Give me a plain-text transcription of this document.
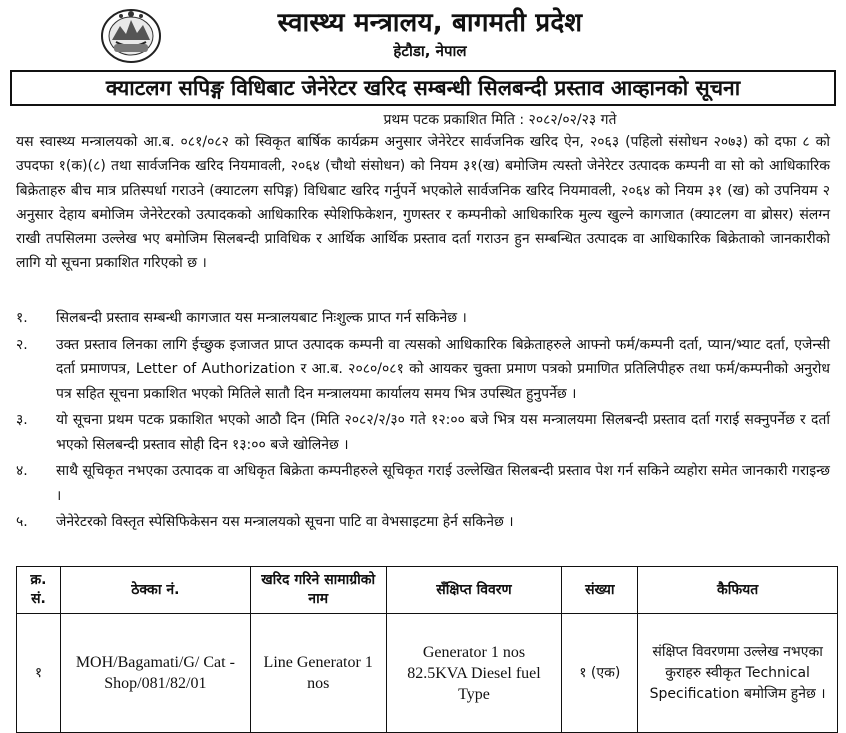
स्वास्थ्य मन्त्रालय, बागमती प्रदेश
हेटौडा, नेपाल
क्याटलग सपिङ्ग विधिबाट जेनेरेटर खरिद सम्बन्धी सिलबन्दी प्रस्ताव आव्हानको सूचना
प्रथम पटक प्रकाशित मिति : २०८२/०२/२३ गते
यस स्वास्थ्य मन्त्रालयको आ.ब. ०८१/०८२ को स्विकृत बार्षिक कार्यक्रम अनुसार जेनेरेटर सार्वजनिक खरिद ऐन, २०६३ (पहिलो संसोधन २०७३) को दफा ८ को उपदफा १(क)(८) तथा सार्वजनिक खरिद नियमावली, २०६४ (चौथो संसोधन) को नियम ३१(ख) बमोजिम त्यस्तो जेनेरेटर उत्पादक कम्पनी वा सो को आधिकारिक बिक्रेताहरु बीच मात्र प्रतिस्पर्धा गराउने (क्याटलग सपिङ्ग) विधिबाट खरिद गर्नुपर्ने भएकोले सार्वजनिक खरिद नियमावली, २०६४ को नियम ३१ (ख) को उपनियम २ अनुसार देहाय बमोजिम जेनेरेटरको उत्पादकको आधिकारिक स्पेशिफिकेशन, गुणस्तर र कम्पनीको आधिकारिक मुल्य खुल्ने कागजात (क्याटलग वा ब्रोसर) संलग्न राखी तपसिलमा उल्लेख भए बमोजिम सिलबन्दी प्राविधिक र आर्थिक आर्थिक प्रस्ताव दर्ता गराउन हुन सम्बन्धित उत्पादक वा आधिकारिक बिक्रेताको जानकारीको लागि यो सूचना प्रकाशित गरिएको छ ।
१.	सिलबन्दी प्रस्ताव सम्बन्धी कागजात यस मन्त्रालयबाट निःशुल्क प्राप्त गर्न सकिनेछ ।
२.	उक्त प्रस्ताव लिनका लागि ईच्छुक इजाजत प्राप्त उत्पादक कम्पनी वा त्यसको आधिकारिक बिक्रेताहरुले आफ्नो फर्म/कम्पनी दर्ता, प्यान/भ्याट दर्ता, एजेन्सी दर्ता प्रमाणपत्र, Letter of Authorization र आ.ब. २०८०/०८१ को आयकर चुक्ता प्रमाण पत्रको प्रमाणित प्रतिलिपीहरु तथा फर्म/कम्पनीको अनुरोध पत्र सहित सूचना प्रकाशित भएको मितिले सातौ दिन मन्त्रालयमा कार्यालय समय भित्र उपस्थित हुनुपर्नेछ ।
३.	यो सूचना प्रथम पटक प्रकाशित भएको आठौ दिन (मिति २०८२/२/३० गते १२:०० बजे भित्र यस मन्त्रालयमा सिलबन्दी प्रस्ताव दर्ता गराई सक्नुपर्नेछ र दर्ता भएको सिलबन्दी प्रस्ताव सोही दिन १३:०० बजे खोलिनेछ ।
४.	साथै सूचिकृत नभएका उत्पादक वा अधिकृत बिक्रेता कम्पनीहरुले सूचिकृत गराई उल्लेखित सिलबन्दी प्रस्ताव पेश गर्न सकिने व्यहोरा समेत जानकारी गराइन्छ ।
५.	जेनेरेटरको विस्तृत स्पेसिफिकेसन यस मन्त्रालयको सूचना पाटि वा वेभसाइटमा हेर्न सकिनेछ ।
क्र. सं.	ठेक्का नं.	खरिद गरिने सामाग्रीको नाम	सँक्षिप्त विवरण	संख्या	कैफियत
१	MOH/Bagamati/G/ Cat -Shop/081/82/01	Line Generator 1 nos	Generator 1 nos 82.5KVA Diesel fuel Type	१ (एक)	संक्षिप्त विवरणमा उल्लेख नभएका कुराहरु स्वीकृत Technical Specification बमोजिम हुनेछ ।
